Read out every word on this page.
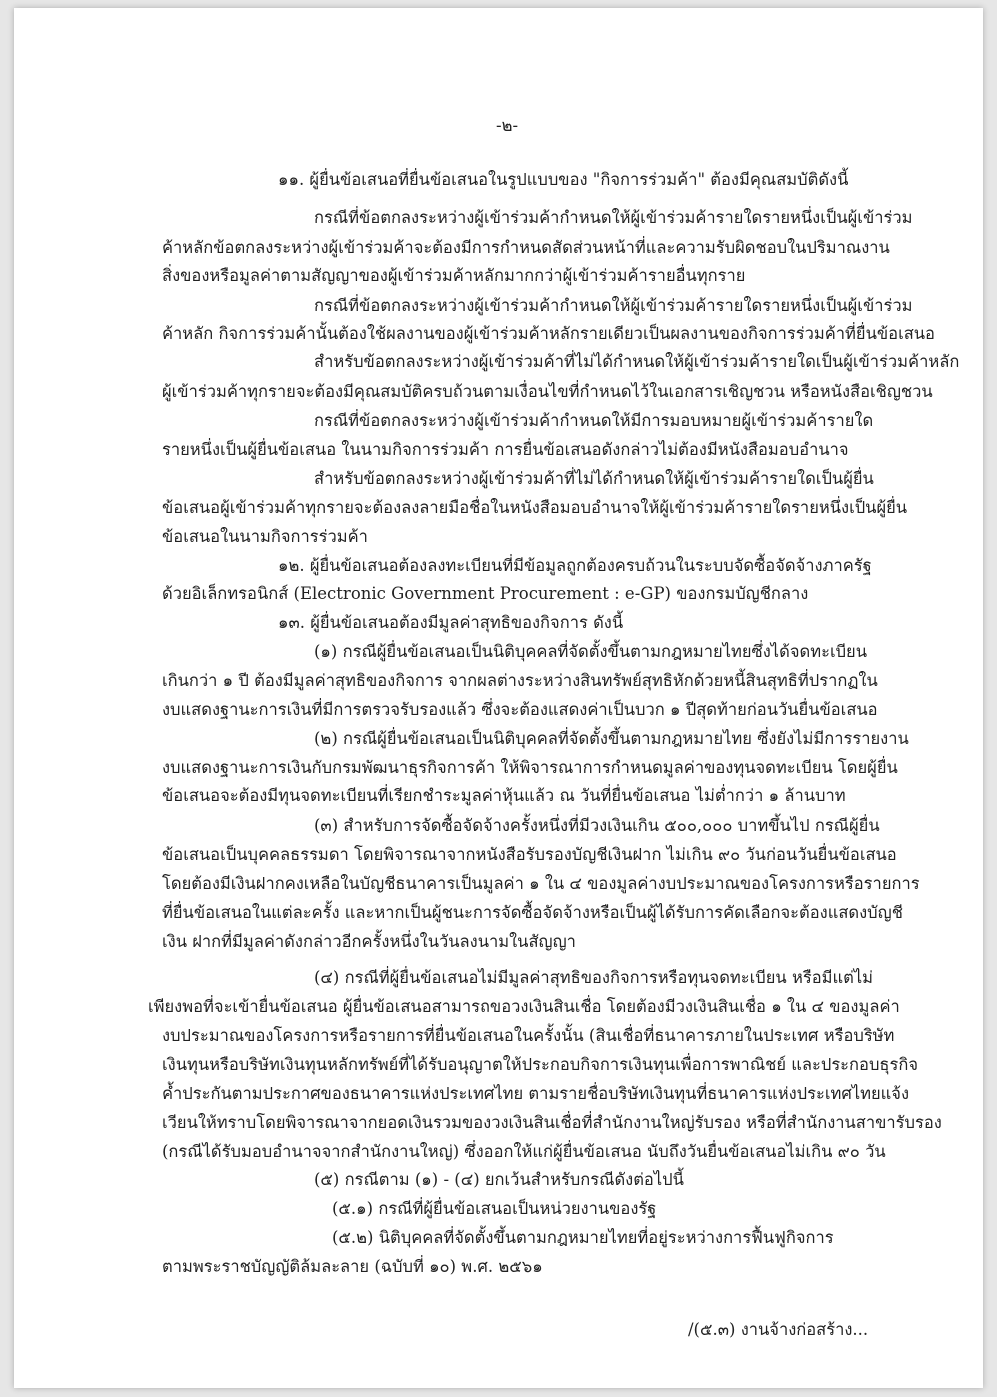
-๒-
๑๑. ผู้ยื่นข้อเสนอที่ยื่นข้อเสนอในรูปแบบของ "กิจการร่วมค้า" ต้องมีคุณสมบัติดังนี้
กรณีที่ข้อตกลงระหว่างผู้เข้าร่วมค้ากำหนดให้ผู้เข้าร่วมค้ารายใดรายหนึ่งเป็นผู้เข้าร่วม
ค้าหลักข้อตกลงระหว่างผู้เข้าร่วมค้าจะต้องมีการกำหนดสัดส่วนหน้าที่และความรับผิดชอบในปริมาณงาน
สิ่งของหรือมูลค่าตามสัญญาของผู้เข้าร่วมค้าหลักมากกว่าผู้เข้าร่วมค้ารายอื่นทุกราย
กรณีที่ข้อตกลงระหว่างผู้เข้าร่วมค้ากำหนดให้ผู้เข้าร่วมค้ารายใดรายหนึ่งเป็นผู้เข้าร่วม
ค้าหลัก กิจการร่วมค้านั้นต้องใช้ผลงานของผู้เข้าร่วมค้าหลักรายเดียวเป็นผลงานของกิจการร่วมค้าที่ยื่นข้อเสนอ
สำหรับข้อตกลงระหว่างผู้เข้าร่วมค้าที่ไม่ได้กำหนดให้ผู้เข้าร่วมค้ารายใดเป็นผู้เข้าร่วมค้าหลัก
ผู้เข้าร่วมค้าทุกรายจะต้องมีคุณสมบัติครบถ้วนตามเงื่อนไขที่กำหนดไว้ในเอกสารเชิญชวน หรือหนังสือเชิญชวน
กรณีที่ข้อตกลงระหว่างผู้เข้าร่วมค้ากำหนดให้มีการมอบหมายผู้เข้าร่วมค้ารายใด
รายหนึ่งเป็นผู้ยื่นข้อเสนอ ในนามกิจการร่วมค้า การยื่นข้อเสนอดังกล่าวไม่ต้องมีหนังสือมอบอำนาจ
สำหรับข้อตกลงระหว่างผู้เข้าร่วมค้าที่ไม่ได้กำหนดให้ผู้เข้าร่วมค้ารายใดเป็นผู้ยื่น
ข้อเสนอผู้เข้าร่วมค้าทุกรายจะต้องลงลายมือชื่อในหนังสือมอบอำนาจให้ผู้เข้าร่วมค้ารายใดรายหนึ่งเป็นผู้ยื่น
ข้อเสนอในนามกิจการร่วมค้า
๑๒. ผู้ยื่นข้อเสนอต้องลงทะเบียนที่มีข้อมูลถูกต้องครบถ้วนในระบบจัดซื้อจัดจ้างภาครัฐ
ด้วยอิเล็กทรอนิกส์ (Electronic Government Procurement : e-GP) ของกรมบัญชีกลาง
๑๓. ผู้ยื่นข้อเสนอต้องมีมูลค่าสุทธิของกิจการ ดังนี้
(๑) กรณีผู้ยื่นข้อเสนอเป็นนิติบุคคลที่จัดตั้งขึ้นตามกฎหมายไทยซึ่งได้จดทะเบียน
เกินกว่า ๑ ปี ต้องมีมูลค่าสุทธิของกิจการ จากผลต่างระหว่างสินทรัพย์สุทธิหักด้วยหนี้สินสุทธิที่ปรากฏใน
งบแสดงฐานะการเงินที่มีการตรวจรับรองแล้ว ซึ่งจะต้องแสดงค่าเป็นบวก ๑ ปีสุดท้ายก่อนวันยื่นข้อเสนอ
(๒) กรณีผู้ยื่นข้อเสนอเป็นนิติบุคคลที่จัดตั้งขึ้นตามกฎหมายไทย ซึ่งยังไม่มีการรายงาน
งบแสดงฐานะการเงินกับกรมพัฒนาธุรกิจการค้า ให้พิจารณาการกำหนดมูลค่าของทุนจดทะเบียน โดยผู้ยื่น
ข้อเสนอจะต้องมีทุนจดทะเบียนที่เรียกชำระมูลค่าหุ้นแล้ว ณ วันที่ยื่นข้อเสนอ ไม่ต่ำกว่า ๑ ล้านบาท
(๓) สำหรับการจัดซื้อจัดจ้างครั้งหนึ่งที่มีวงเงินเกิน ๕๐๐,๐๐๐ บาทขึ้นไป กรณีผู้ยื่น
ข้อเสนอเป็นบุคคลธรรมดา โดยพิจารณาจากหนังสือรับรองบัญชีเงินฝาก ไม่เกิน ๙๐ วันก่อนวันยื่นข้อเสนอ
โดยต้องมีเงินฝากคงเหลือในบัญชีธนาคารเป็นมูลค่า ๑ ใน ๔ ของมูลค่างบประมาณของโครงการหรือรายการ
ที่ยื่นข้อเสนอในแต่ละครั้ง และหากเป็นผู้ชนะการจัดซื้อจัดจ้างหรือเป็นผู้ได้รับการคัดเลือกจะต้องแสดงบัญชี
เงิน ฝากที่มีมูลค่าดังกล่าวอีกครั้งหนึ่งในวันลงนามในสัญญา
(๔) กรณีที่ผู้ยื่นข้อเสนอไม่มีมูลค่าสุทธิของกิจการหรือทุนจดทะเบียน หรือมีแต่ไม่
เพียงพอที่จะเข้ายื่นข้อเสนอ ผู้ยื่นข้อเสนอสามารถขอวงเงินสินเชื่อ โดยต้องมีวงเงินสินเชื่อ ๑ ใน ๔ ของมูลค่า
งบประมาณของโครงการหรือรายการที่ยื่นข้อเสนอในครั้งนั้น (สินเชื่อที่ธนาคารภายในประเทศ หรือบริษัท
เงินทุนหรือบริษัทเงินทุนหลักทรัพย์ที่ได้รับอนุญาตให้ประกอบกิจการเงินทุนเพื่อการพาณิชย์ และประกอบธุรกิจ
ค้ำประกันตามประกาศของธนาคารแห่งประเทศไทย ตามรายชื่อบริษัทเงินทุนที่ธนาคารแห่งประเทศไทยแจ้ง
เวียนให้ทราบโดยพิจารณาจากยอดเงินรวมของวงเงินสินเชื่อที่สำนักงานใหญ่รับรอง หรือที่สำนักงานสาขารับรอง
(กรณีได้รับมอบอำนาจจากสำนักงานใหญ่) ซึ่งออกให้แก่ผู้ยื่นข้อเสนอ นับถึงวันยื่นข้อเสนอไม่เกิน ๙๐ วัน
(๕) กรณีตาม (๑) - (๔) ยกเว้นสำหรับกรณีดังต่อไปนี้
(๕.๑) กรณีที่ผู้ยื่นข้อเสนอเป็นหน่วยงานของรัฐ
(๕.๒) นิติบุคคลที่จัดตั้งขึ้นตามกฎหมายไทยที่อยู่ระหว่างการฟื้นฟูกิจการ
ตามพระราชบัญญัติล้มละลาย (ฉบับที่ ๑๐) พ.ศ. ๒๕๖๑
/(๕.๓) งานจ้างก่อสร้าง...
